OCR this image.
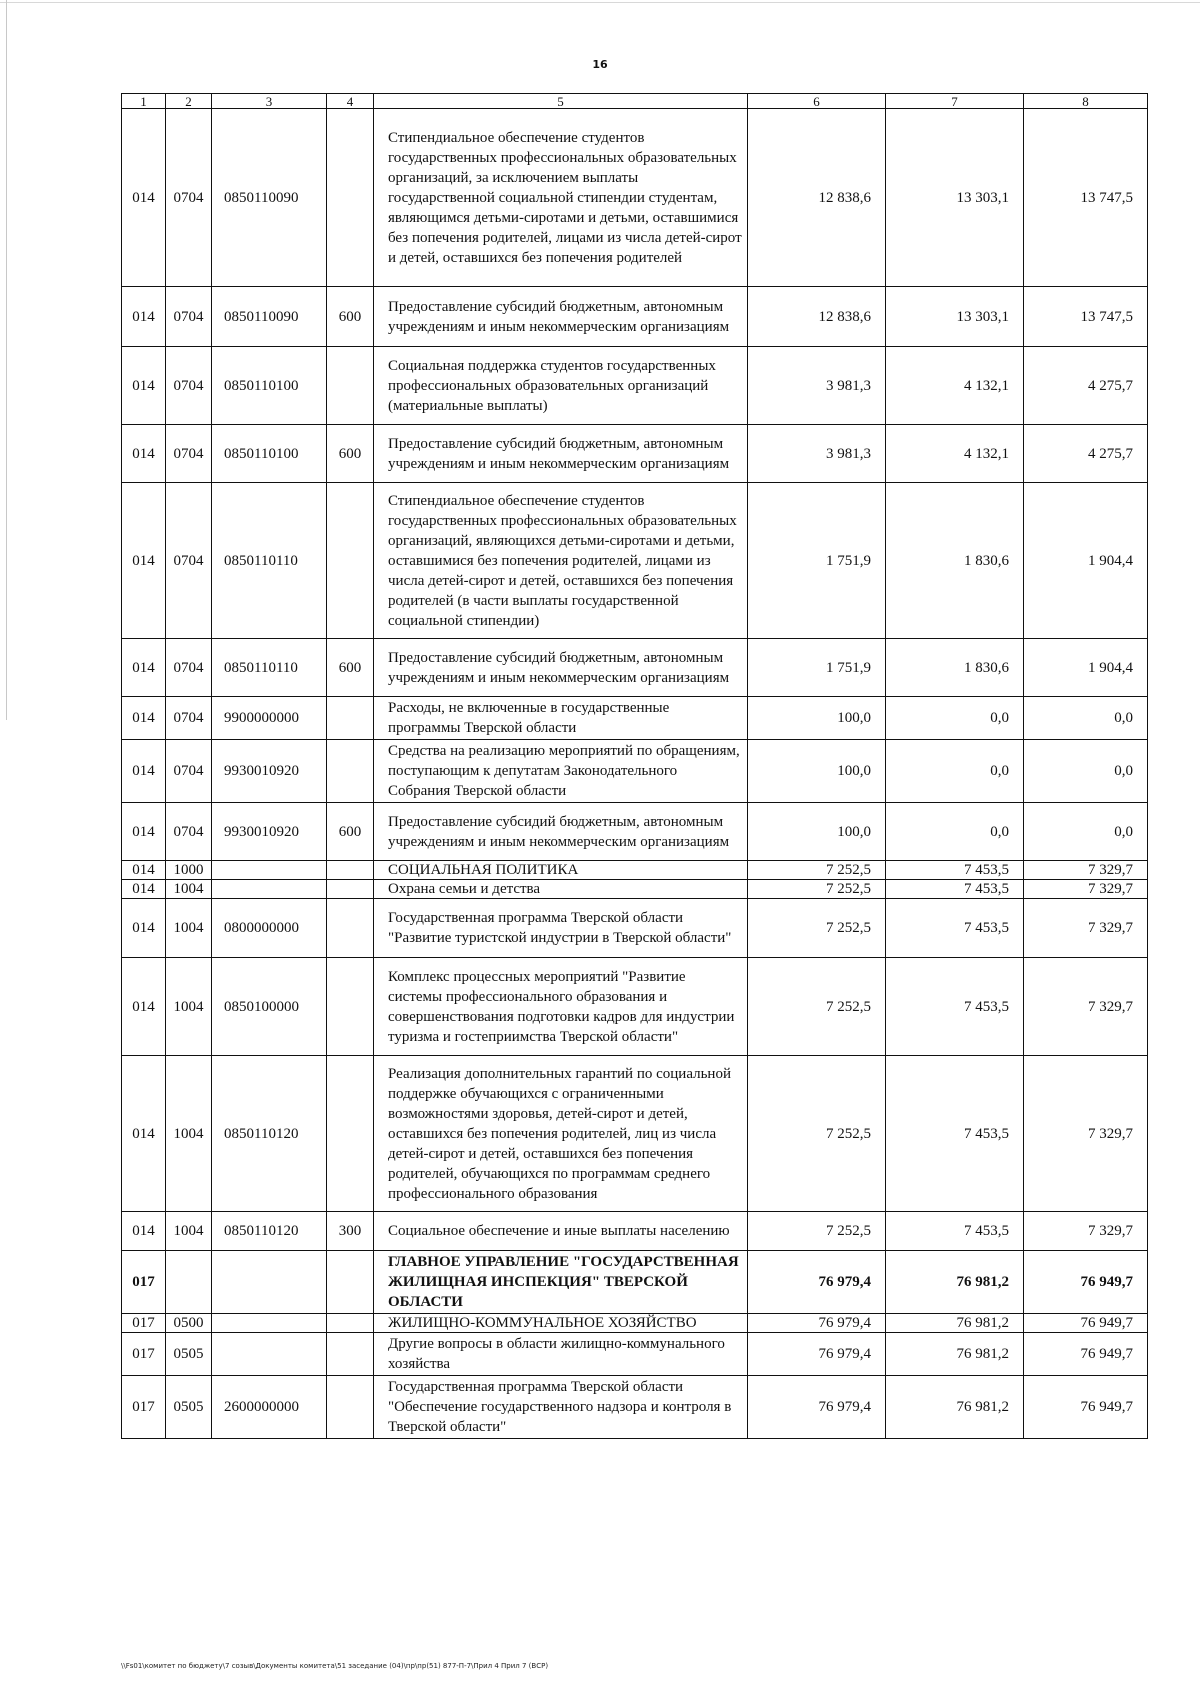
16
1	2	3	4	5	6	7	8
014	0704	0850110090		Стипендиальное обеспечение студентов государственных профессиональных образовательных организаций, за исключением выплаты государственной социальной стипендии студентам, являющимся детьми-сиротами и детьми, оставшимися без попечения родителей, лицами из числа детей-сирот и детей, оставшихся без попечения родителей	12 838,6	13 303,1	13 747,5
014	0704	0850110090	600	Предоставление субсидий бюджетным, автономным учреждениям и иным некоммерческим организациям	12 838,6	13 303,1	13 747,5
014	0704	0850110100		Социальная поддержка студентов государственных профессиональных образовательных организаций (материальные выплаты)	3 981,3	4 132,1	4 275,7
014	0704	0850110100	600	Предоставление субсидий бюджетным, автономным учреждениям и иным некоммерческим организациям	3 981,3	4 132,1	4 275,7
014	0704	0850110110		Стипендиальное обеспечение студентов государственных профессиональных образовательных организаций, являющихся детьми-сиротами и детьми, оставшимися без попечения родителей, лицами из числа детей-сирот и детей, оставшихся без попечения родителей (в части выплаты государственной социальной стипендии)	1 751,9	1 830,6	1 904,4
014	0704	0850110110	600	Предоставление субсидий бюджетным, автономным учреждениям и иным некоммерческим организациям	1 751,9	1 830,6	1 904,4
014	0704	9900000000		Расходы, не включенные в государственные программы Тверской области	100,0	0,0	0,0
014	0704	9930010920		Средства на реализацию мероприятий по обращениям, поступающим к депутатам Законодательного Собрания Тверской области	100,0	0,0	0,0
014	0704	9930010920	600	Предоставление субсидий бюджетным, автономным учреждениям и иным некоммерческим организациям	100,0	0,0	0,0
014	1000			СОЦИАЛЬНАЯ ПОЛИТИКА	7 252,5	7 453,5	7 329,7
014	1004			Охрана семьи и детства	7 252,5	7 453,5	7 329,7
014	1004	0800000000		Государственная программа Тверской области "Развитие туристской индустрии в Тверской области"	7 252,5	7 453,5	7 329,7
014	1004	0850100000		Комплекс процессных мероприятий "Развитие системы профессионального образования и совершенствования подготовки кадров для индустрии туризма и гостеприимства Тверской области"	7 252,5	7 453,5	7 329,7
014	1004	0850110120		Реализация дополнительных гарантий по социальной поддержке обучающихся с ограниченными возможностями здоровья, детей-сирот и детей, оставшихся без попечения родителей, лиц из числа детей-сирот и детей, оставшихся без попечения родителей, обучающихся по программам среднего профессионального образования	7 252,5	7 453,5	7 329,7
014	1004	0850110120	300	Социальное обеспечение и иные выплаты населению	7 252,5	7 453,5	7 329,7
017				ГЛАВНОЕ УПРАВЛЕНИЕ "ГОСУДАРСТВЕННАЯ ЖИЛИЩНАЯ ИНСПЕКЦИЯ" ТВЕРСКОЙ ОБЛАСТИ	76 979,4	76 981,2	76 949,7
017	0500			ЖИЛИЩНО-КОММУНАЛЬНОЕ ХОЗЯЙСТВО	76 979,4	76 981,2	76 949,7
017	0505			Другие вопросы в области жилищно-коммунального хозяйства	76 979,4	76 981,2	76 949,7
017	0505	2600000000		Государственная программа Тверской области "Обеспечение государственного надзора и контроля в Тверской области"	76 979,4	76 981,2	76 949,7
\\Fs01\комитет по бюджету\7 созыв\Документы комитета\51 заседание (04)\пр\пр(51) 877-П-7\Прил 4 Прил 7 (ВСР)
